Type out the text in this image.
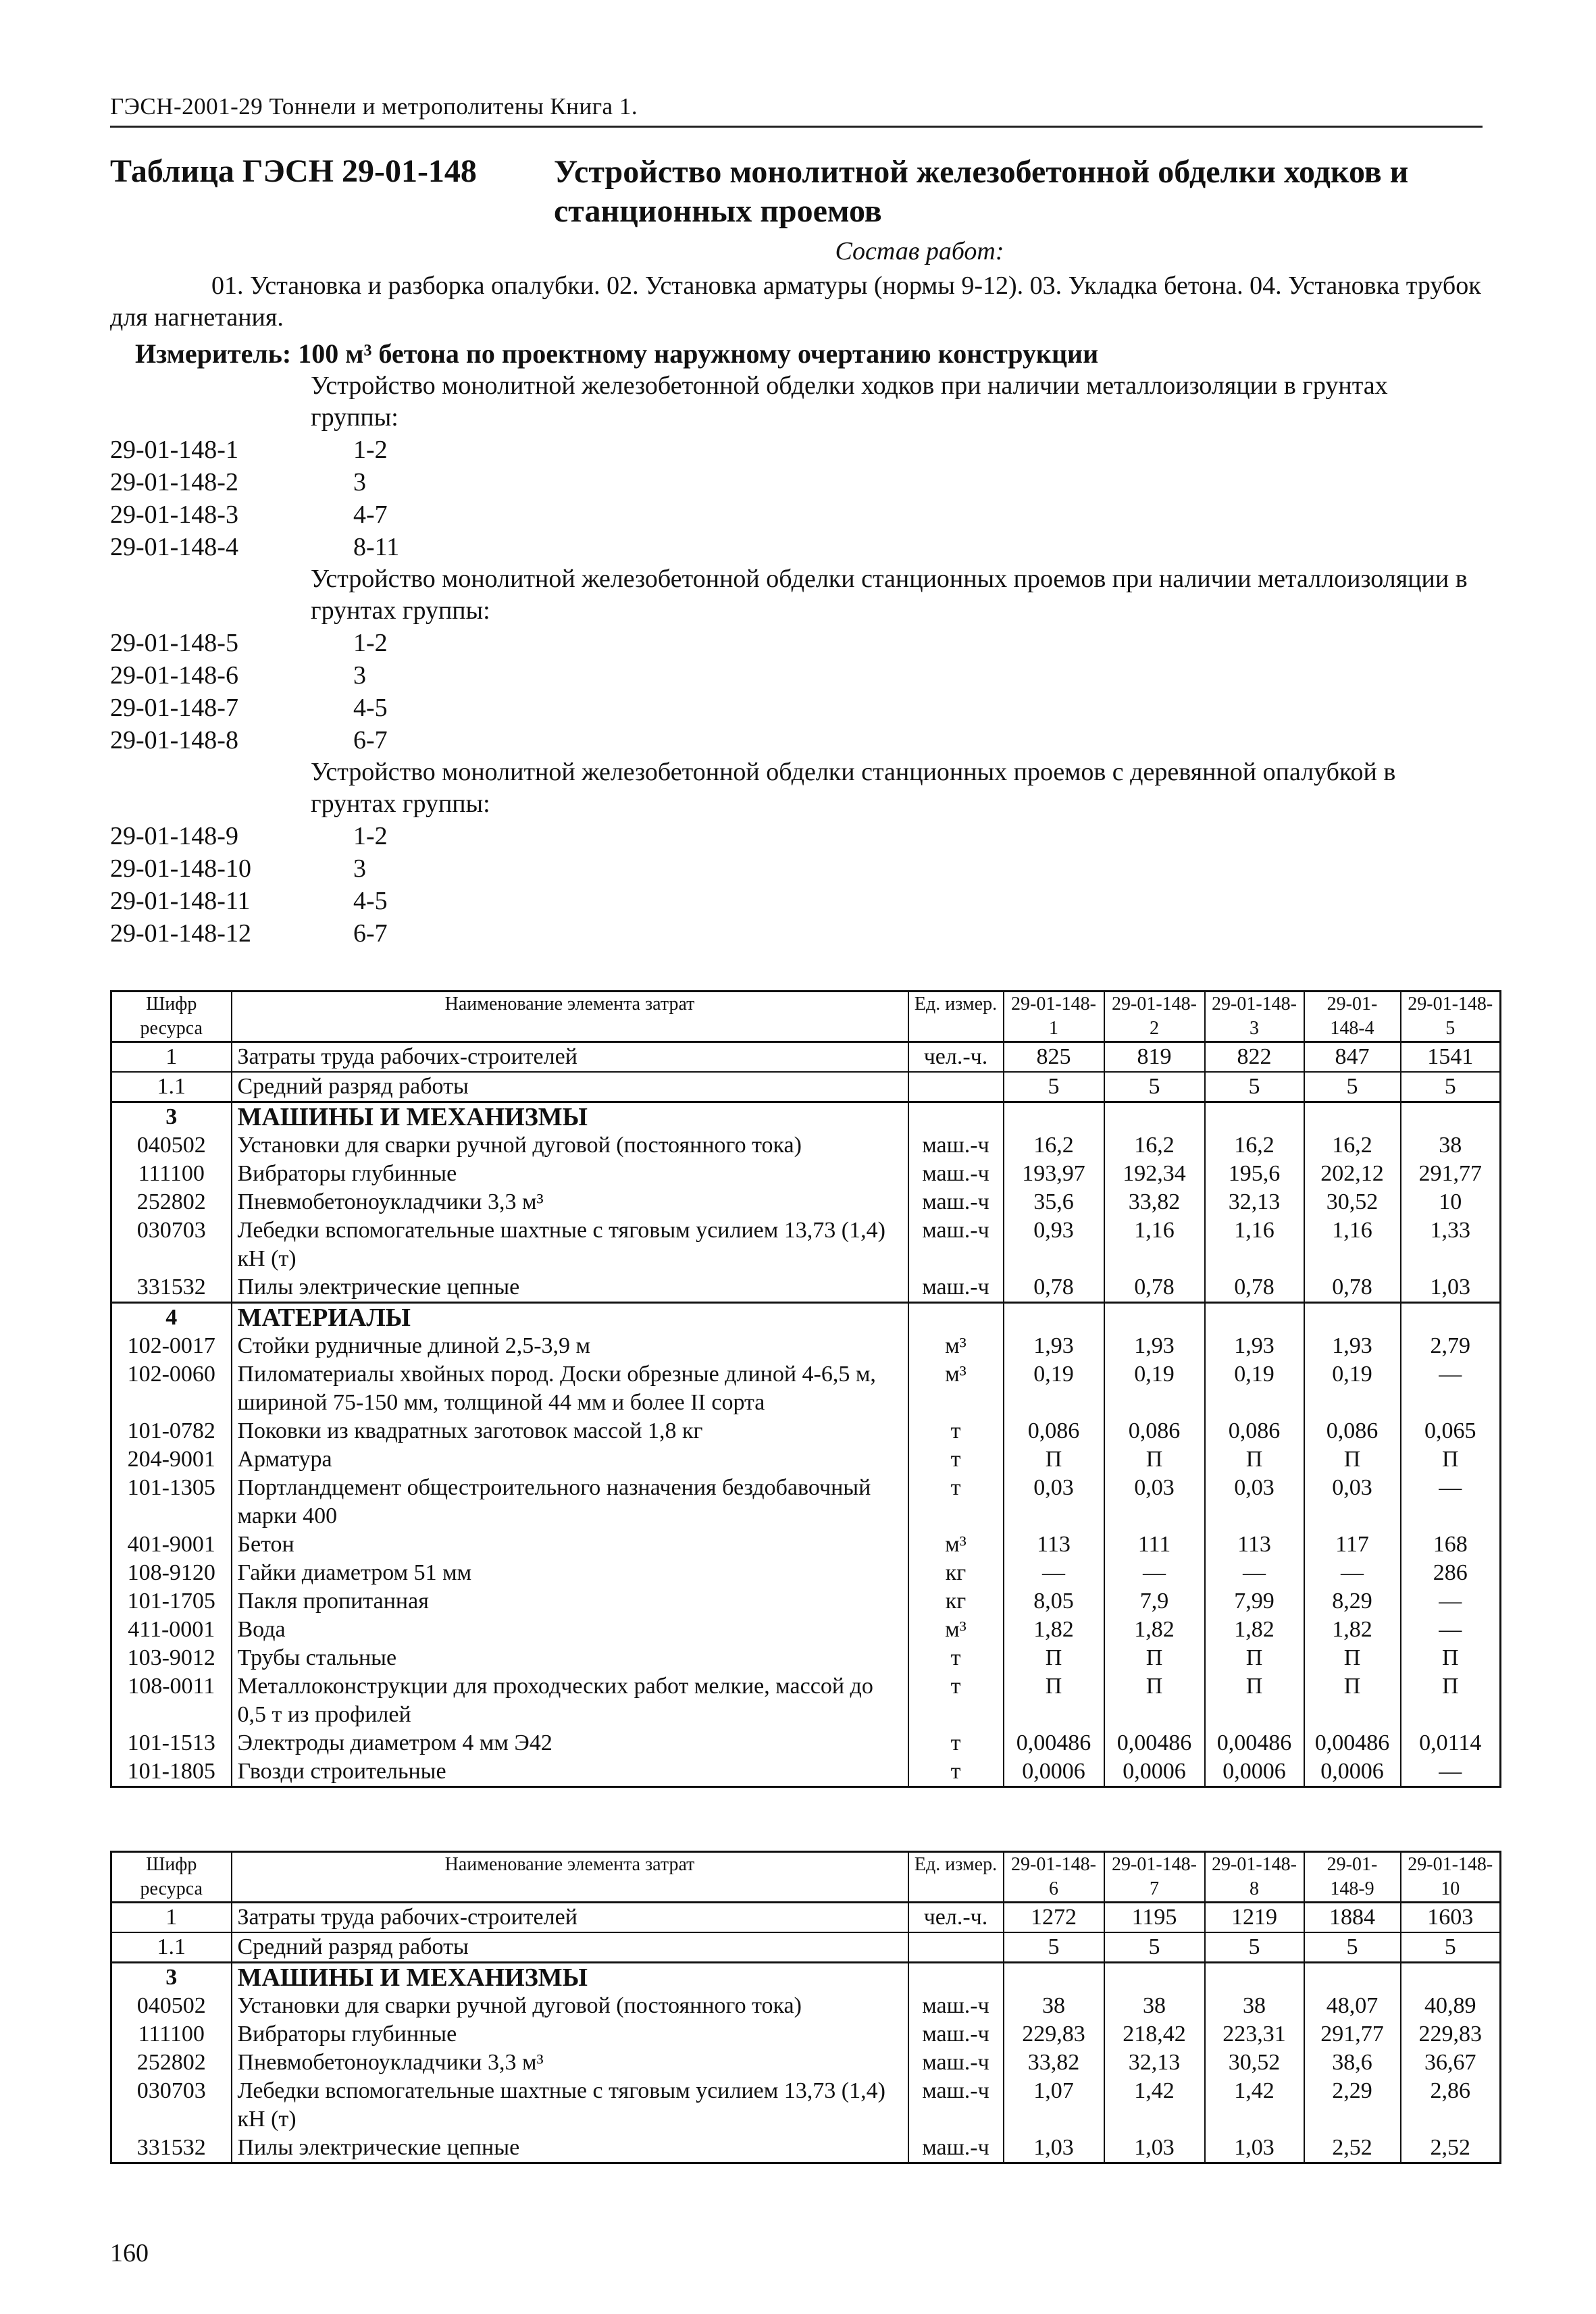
ГЭСН-2001-29 Тоннели и метрополитены Книга 1.
Таблица ГЭСН 29-01-148 Устройство монолитной железобетонной обделки ходков и станционных проемов
Состав работ:
01. Установка и разборка опалубки. 02. Установка арматуры (нормы 9-12). 03. Укладка бетона. 04. Установка трубок для нагнетания.
Измеритель: 100 м³ бетона по проектному наружному очертанию конструкции
Устройство монолитной железобетонной обделки ходков при наличии металлоизоляции в грунтах группы:
29-01-148-1	1-2
29-01-148-2	3
29-01-148-3	4-7
29-01-148-4	8-11
Устройство монолитной железобетонной обделки станционных проемов при наличии металлоизоляции в грунтах группы:
29-01-148-5	1-2
29-01-148-6	3
29-01-148-7	4-5
29-01-148-8	6-7
Устройство монолитной железобетонной обделки станционных проемов с деревянной опалубкой в грунтах группы:
29-01-148-9	1-2
29-01-148-10	3
29-01-148-11	4-5
29-01-148-12	6-7
Шифр ресурса	Наименование элемента затрат	Ед. измер.	29-01-148-1	29-01-148-2	29-01-148-3	29-01-148-4	29-01-148-5
1	Затраты труда рабочих-строителей	чел.-ч.	825	819	822	847	1541
1.1	Средний разряд работы		5	5	5	5	5
3	МАШИНЫ И МЕХАНИЗМЫ						
040502	Установки для сварки ручной дуговой (постоянного тока)	маш.-ч	16,2	16,2	16,2	16,2	38
111100	Вибраторы глубинные	маш.-ч	193,97	192,34	195,6	202,12	291,77
252802	Пневмобетоноукладчики 3,3 м³	маш.-ч	35,6	33,82	32,13	30,52	10
030703	Лебедки вспомогательные шахтные с тяговым усилием 13,73 (1,4) кН (т)	маш.-ч	0,93	1,16	1,16	1,16	1,33
331532	Пилы электрические цепные	маш.-ч	0,78	0,78	0,78	0,78	1,03
4	МАТЕРИАЛЫ						
102-0017	Стойки рудничные длиной 2,5-3,9 м	м³	1,93	1,93	1,93	1,93	2,79
102-0060	Пиломатериалы хвойных пород. Доски обрезные длиной 4-6,5 м, шириной 75-150 мм, толщиной 44 мм и более II сорта	м³	0,19	0,19	0,19	0,19	—
101-0782	Поковки из квадратных заготовок массой 1,8 кг	т	0,086	0,086	0,086	0,086	0,065
204-9001	Арматура	т	П	П	П	П	П
101-1305	Портландцемент общестроительного назначения бездобавочный марки 400	т	0,03	0,03	0,03	0,03	—
401-9001	Бетон	м³	113	111	113	117	168
108-9120	Гайки диаметром 51 мм	кг	—	—	—	—	286
101-1705	Пакля пропитанная	кг	8,05	7,9	7,99	8,29	—
411-0001	Вода	м³	1,82	1,82	1,82	1,82	—
103-9012	Трубы стальные	т	П	П	П	П	П
108-0011	Металлоконструкции для проходческих работ мелкие, массой до 0,5 т из профилей	т	П	П	П	П	П
101-1513	Электроды диаметром 4 мм Э42	т	0,00486	0,00486	0,00486	0,00486	0,0114
101-1805	Гвозди строительные	т	0,0006	0,0006	0,0006	0,0006	—
Шифр ресурса	Наименование элемента затрат	Ед. измер.	29-01-148-6	29-01-148-7	29-01-148-8	29-01-148-9	29-01-148-10
1	Затраты труда рабочих-строителей	чел.-ч.	1272	1195	1219	1884	1603
1.1	Средний разряд работы		5	5	5	5	5
3	МАШИНЫ И МЕХАНИЗМЫ						
040502	Установки для сварки ручной дуговой (постоянного тока)	маш.-ч	38	38	38	48,07	40,89
111100	Вибраторы глубинные	маш.-ч	229,83	218,42	223,31	291,77	229,83
252802	Пневмобетоноукладчики 3,3 м³	маш.-ч	33,82	32,13	30,52	38,6	36,67
030703	Лебедки вспомогательные шахтные с тяговым усилием 13,73 (1,4) кН (т)	маш.-ч	1,07	1,42	1,42	2,29	2,86
331532	Пилы электрические цепные	маш.-ч	1,03	1,03	1,03	2,52	2,52
160
